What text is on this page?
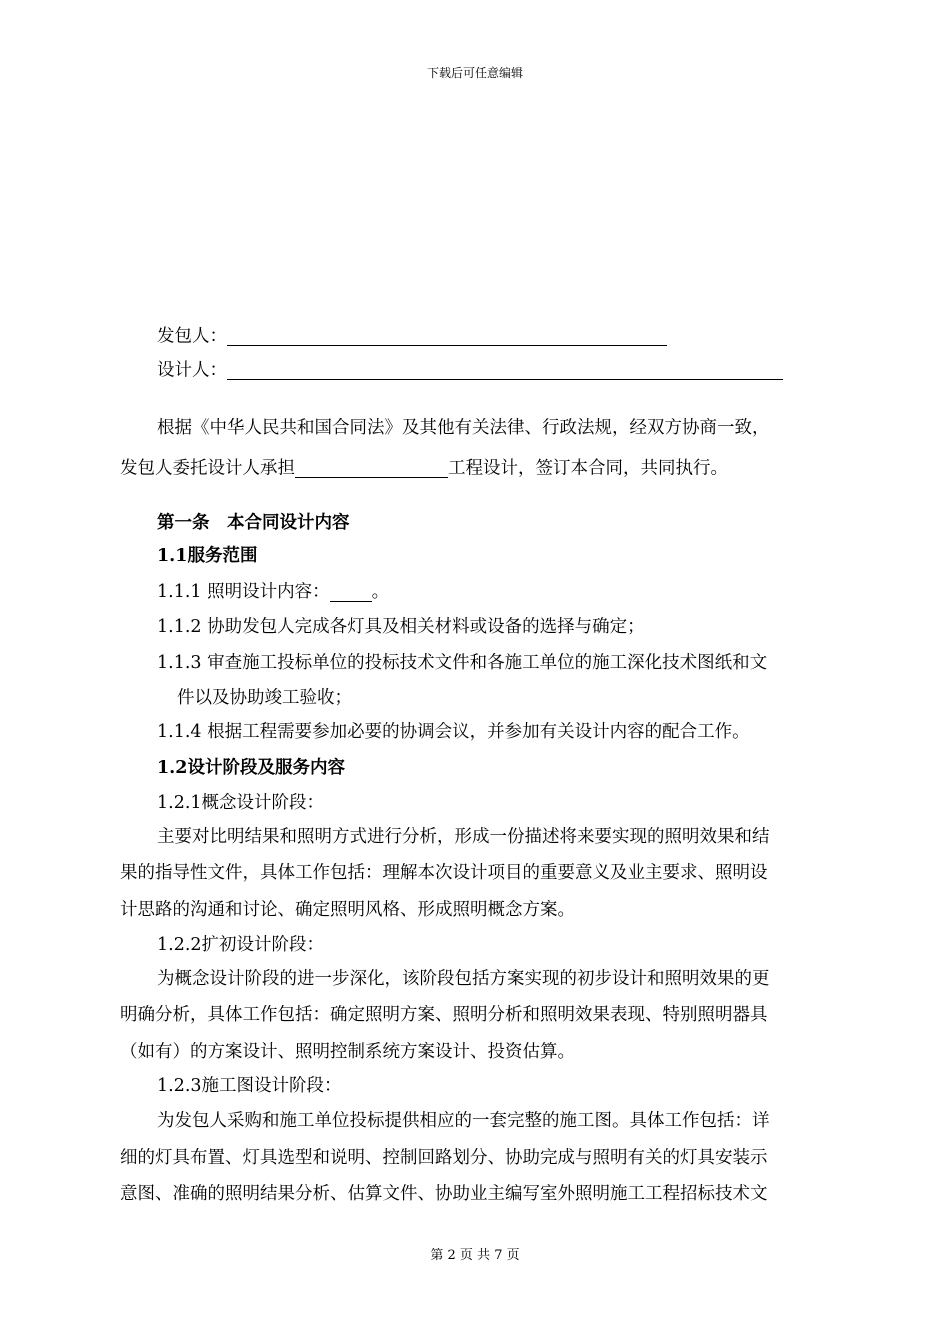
下载后可任意编辑
发包人：
设计人：
根据《中华人民共和国合同法》及其他有关法律、行政法规，经双方协商一致，
发包人委托设计人承担	工程设计，签订本合同，共同执行。
第一条　本合同设计内容
1.1服务范围
1.1.1 照明设计内容： 。
1.1.2 协助发包人完成各灯具及相关材料或设备的选择与确定；
1.1.3 审查施工投标单位的投标技术文件和各施工单位的施工深化技术图纸和文
件以及协助竣工验收；
1.1.4 根据工程需要参加必要的协调会议，并参加有关设计内容的配合工作。
1.2设计阶段及服务内容
1.2.1概念设计阶段：
主要对比明结果和照明方式进行分析，形成一份描述将来要实现的照明效果和结
果的指导性文件，具体工作包括：理解本次设计项目的重要意义及业主要求、照明设
计思路的沟通和讨论、确定照明风格、形成照明概念方案。
1.2.2扩初设计阶段：
为概念设计阶段的进一步深化，该阶段包括方案实现的初步设计和照明效果的更
明确分析，具体工作包括：确定照明方案、照明分析和照明效果表现、特别照明器具
（如有）的方案设计、照明控制系统方案设计、投资估算。
1.2.3施工图设计阶段：
为发包人采购和施工单位投标提供相应的一套完整的施工图。具体工作包括：详
细的灯具布置、灯具选型和说明、控制回路划分、协助完成与照明有关的灯具安装示
意图、准确的照明结果分析、估算文件、协助业主编写室外照明施工工程招标技术文
第 2 页 共 7 页
